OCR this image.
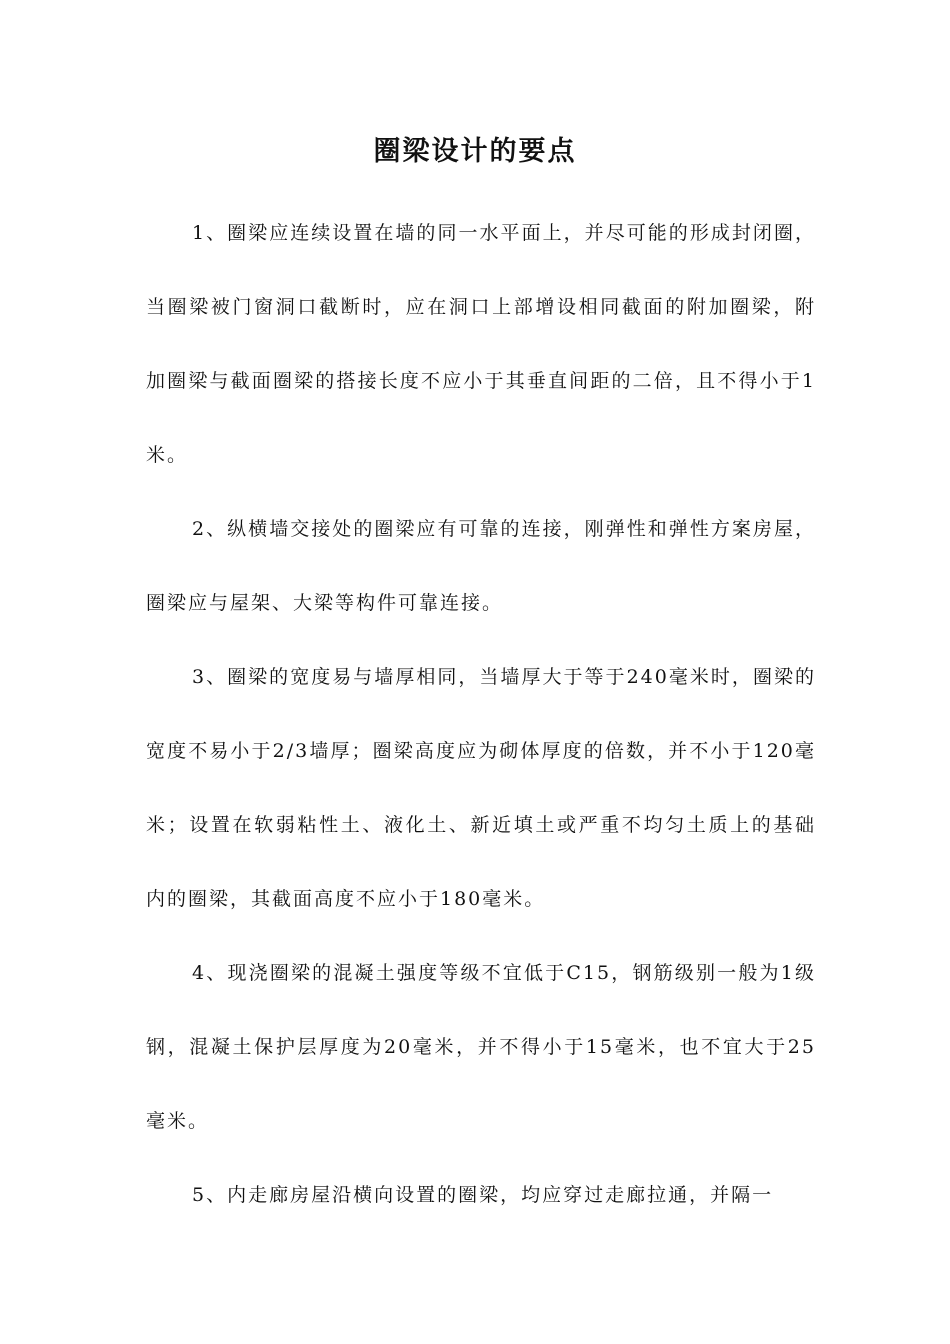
圈梁设计的要点

1、圈梁应连续设置在墙的同一水平面上，并尽可能的形成封闭圈，当圈梁被门窗洞口截断时，应在洞口上部增设相同截面的附加圈梁，附加圈梁与截面圈梁的搭接长度不应小于其垂直间距的二倍，且不得小于1米。

2、纵横墙交接处的圈梁应有可靠的连接，刚弹性和弹性方案房屋，圈梁应与屋架、大梁等构件可靠连接。

3、圈梁的宽度易与墙厚相同，当墙厚大于等于240毫米时，圈梁的宽度不易小于2/3墙厚；圈梁高度应为砌体厚度的倍数，并不小于120毫米；设置在软弱粘性土、液化土、新近填土或严重不均匀土质上的基础内的圈梁，其截面高度不应小于180毫米。

4、现浇圈梁的混凝土强度等级不宜低于C15，钢筋级别一般为1级钢，混凝土保护层厚度为20毫米，并不得小于15毫米，也不宜大于25毫米。

5、内走廊房屋沿横向设置的圈梁，均应穿过走廊拉通，并隔一
